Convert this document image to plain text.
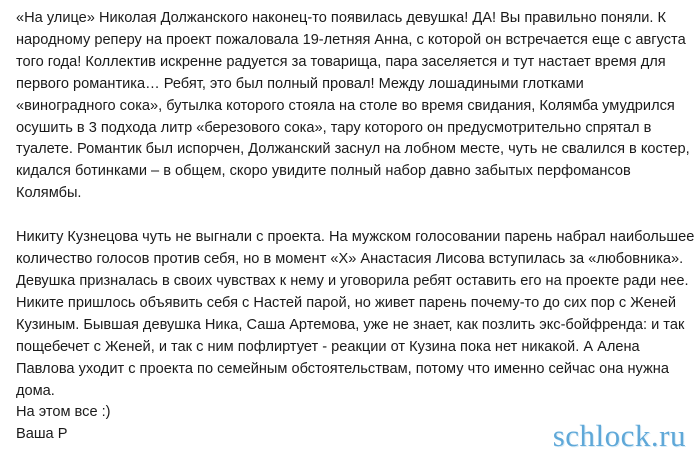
«На улице» Николая Должанского наконец-то появилась девушка! ДА! Вы правильно поняли. К

народному реперу на проект пожаловала 19-летняя Анна, с которой он встречается еще с августа

того года! Коллектив искренне радуется за товарища, пара заселяется и тут настает время для

первого романтика… Ребят, это был полный провал! Между лошадиными глотками

«виноградного сока», бутылка которого стояла на столе во время свидания, Колямба умудрился

осушить в 3 подхода литр «березового сока», тару которого он предусмотрительно спрятал в

туалете. Романтик был испорчен, Должанский заснул на лобном месте, чуть не свалился в костер,

кидался ботинками – в общем, скоро увидите полный набор давно забытых перфомансов

Колямбы.

Никиту Кузнецова чуть не выгнали с проекта. На мужском голосовании парень набрал наибольшее

количество голосов против себя, но в момент «Х» Анастасия Лисова вступилась за «любовника».

Девушка призналась в своих чувствах к нему и уговорила ребят оставить его на проекте ради нее.

Никите пришлось объявить себя с Настей парой, но живет парень почему-то до сих пор с Женей

Кузиным. Бывшая девушка Ника, Саша Артемова, уже не знает, как позлить экс-бойфренда: и так

пощебечет с Женей, и так с ним пофлиртует - реакции от Кузина пока нет никакой. А Алена

Павлова уходит с проекта по семейным обстоятельствам, потому что именно сейчас она нужна

дома.

На этом все :)

Ваша Р	schlock.ru
